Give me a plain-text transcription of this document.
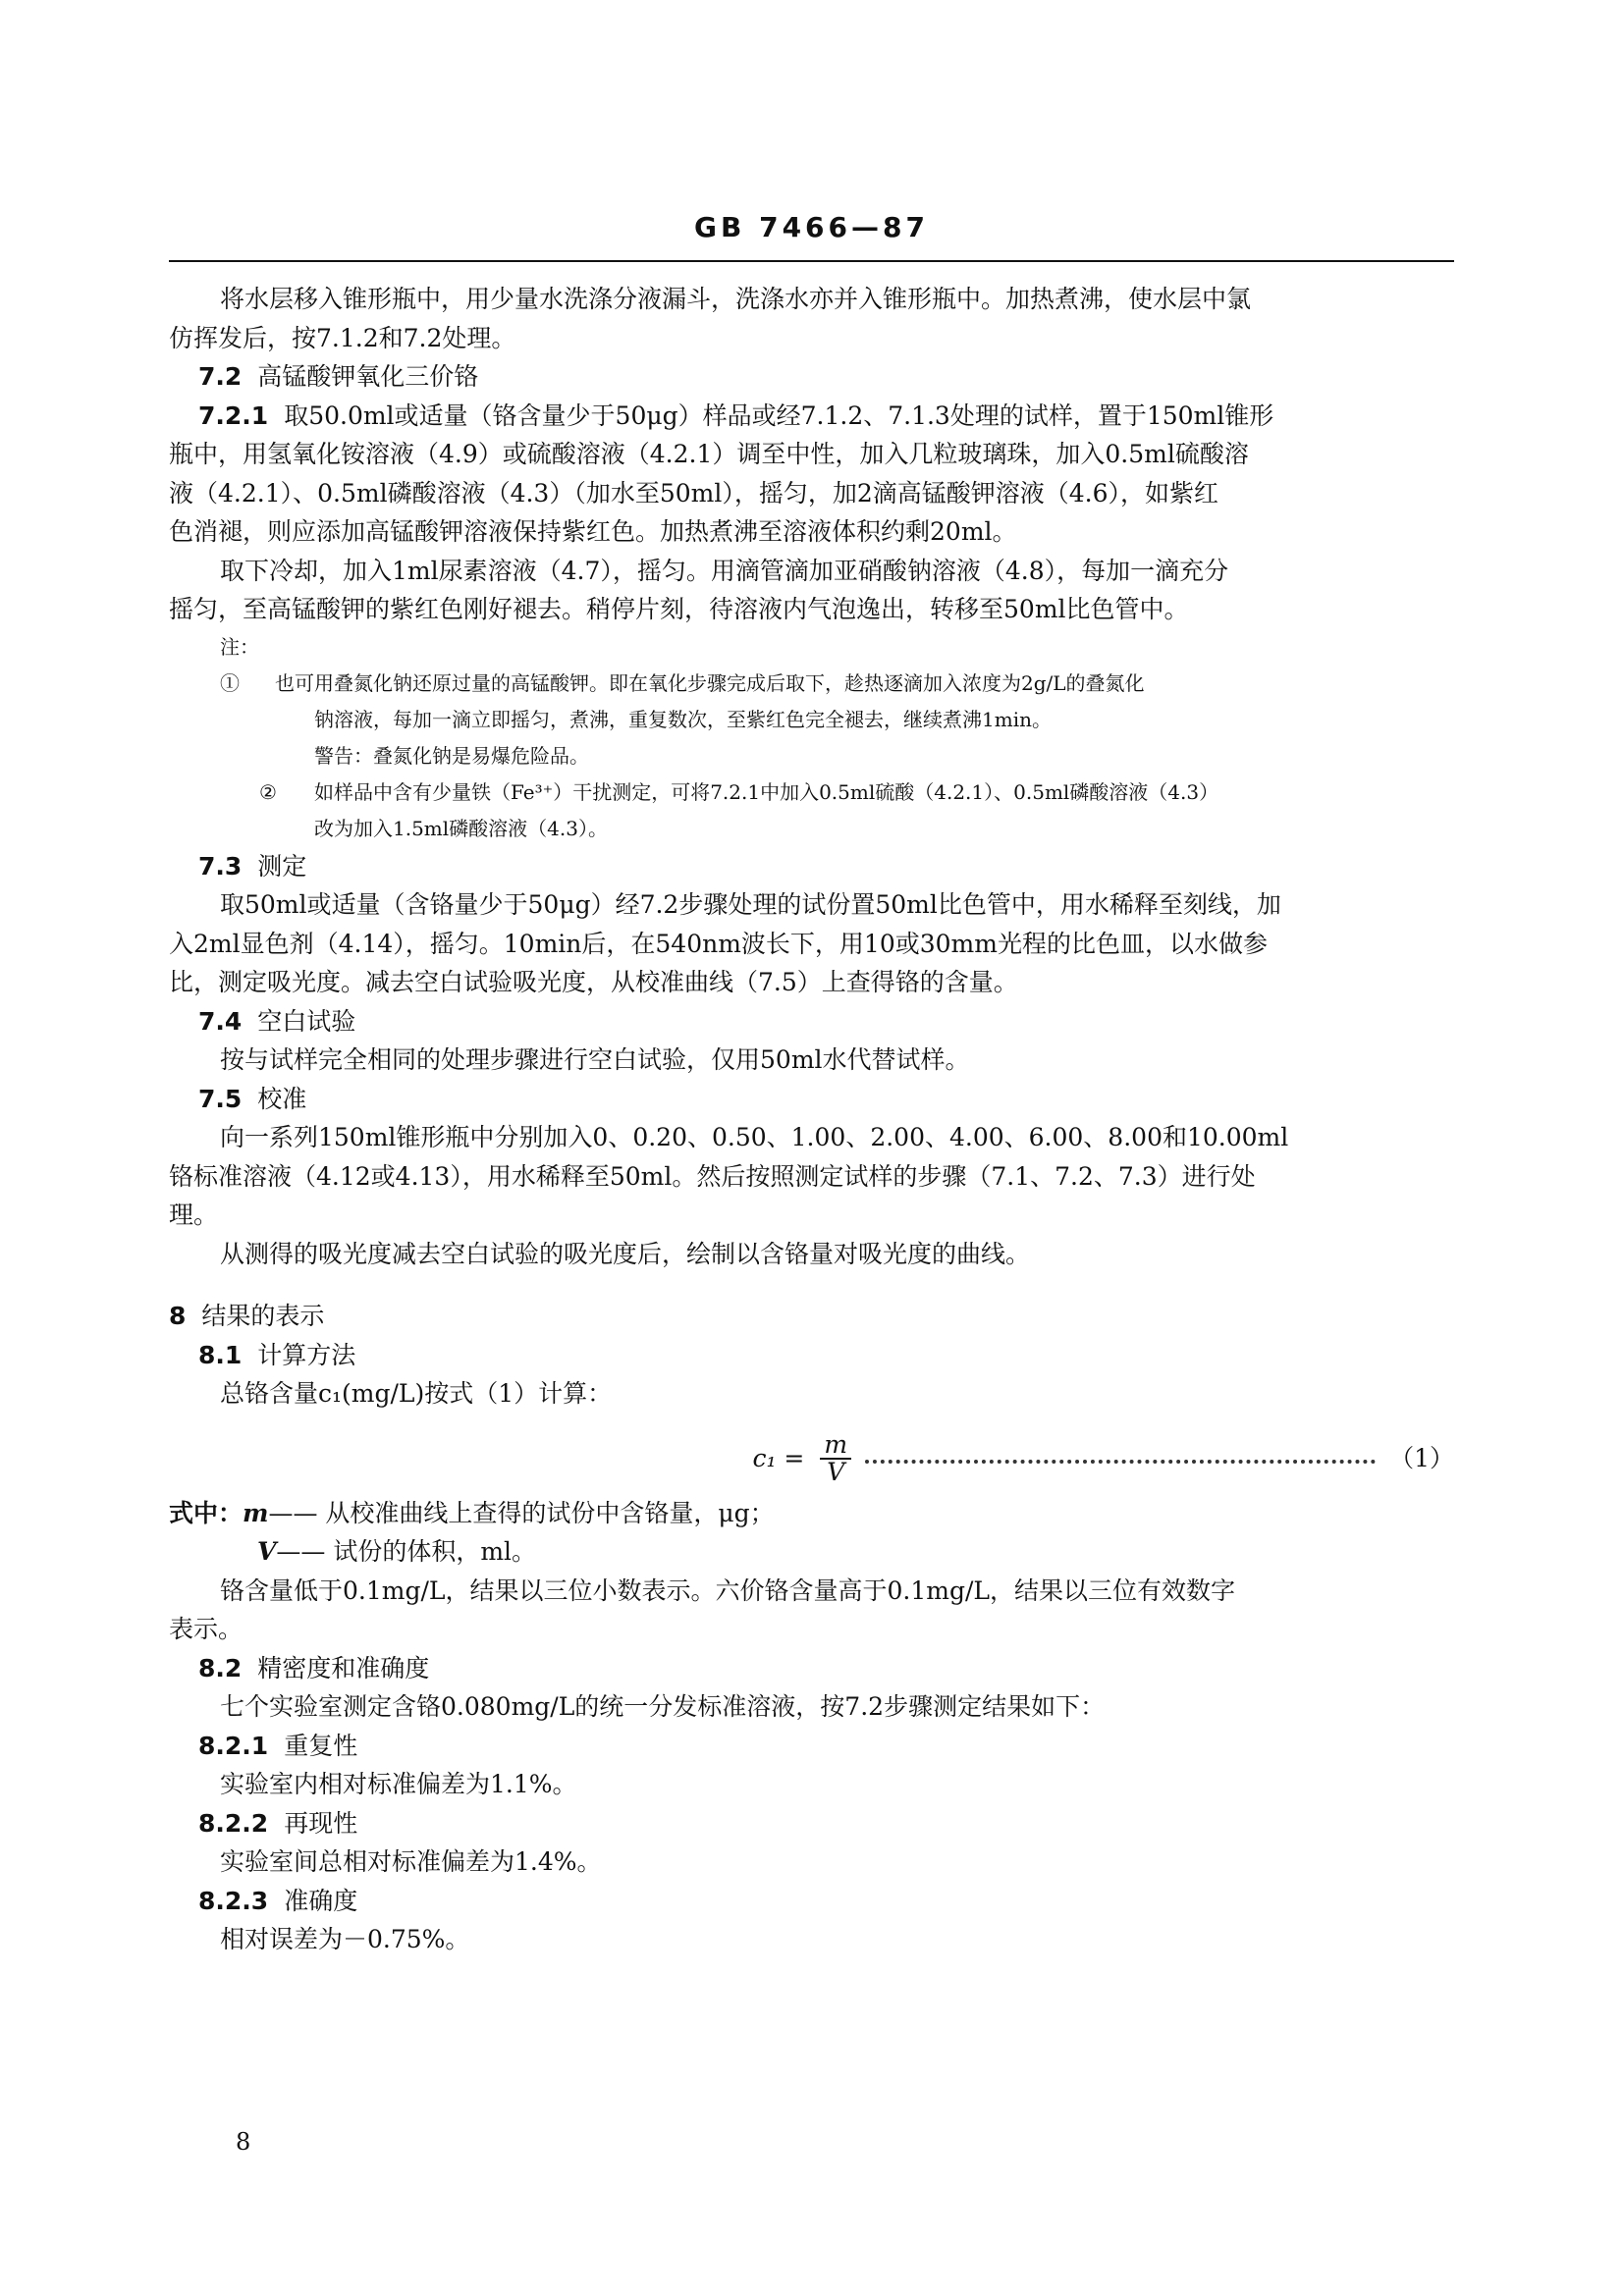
GB 7466—87

将水层移入锥形瓶中，用少量水洗涤分液漏斗，洗涤水亦并入锥形瓶中。加热煮沸，使水层中氯

仿挥发后，按7.1.2和7.2处理。

7.2 高锰酸钾氧化三价铬

7.2.1 取50.0ml或适量（铬含量少于50μg）样品或经7.1.2、7.1.3处理的试样，置于150ml锥形

瓶中，用氢氧化铵溶液（4.9）或硫酸溶液（4.2.1）调至中性，加入几粒玻璃珠，加入0.5ml硫酸溶

液（4.2.1）、0.5ml磷酸溶液（4.3）（加水至50ml），摇匀，加2滴高锰酸钾溶液（4.6），如紫红

色消褪，则应添加高锰酸钾溶液保持紫红色。加热煮沸至溶液体积约剩20ml。

取下冷却，加入1ml尿素溶液（4.7），摇匀。用滴管滴加亚硝酸钠溶液（4.8），每加一滴充分

摇匀，至高锰酸钾的紫红色刚好褪去。稍停片刻，待溶液内气泡逸出，转移至50ml比色管中。

注：① 也可用叠氮化钠还原过量的高锰酸钾。即在氧化步骤完成后取下，趁热逐滴加入浓度为2g/L的叠氮化

钠溶液，每加一滴立即摇匀，煮沸，重复数次，至紫红色完全褪去，继续煮沸1min。

警告：叠氮化钠是易爆危险品。

② 如样品中含有少量铁（Fe³⁺）干扰测定，可将7.2.1中加入0.5ml硫酸（4.2.1）、0.5ml磷酸溶液（4.3）

改为加入1.5ml磷酸溶液（4.3）。

7.3 测定

取50ml或适量（含铬量少于50μg）经7.2步骤处理的试份置50ml比色管中，用水稀释至刻线，加

入2ml显色剂（4.14），摇匀。10min后，在540nm波长下，用10或30mm光程的比色皿，以水做参

比，测定吸光度。减去空白试验吸光度，从校准曲线（7.5）上查得铬的含量。

7.4 空白试验

按与试样完全相同的处理步骤进行空白试验，仅用50ml水代替试样。

7.5 校准

向一系列150ml锥形瓶中分别加入0、0.20、0.50、1.00、2.00、4.00、6.00、8.00和10.00ml

铬标准溶液（4.12或4.13），用水稀释至50ml。然后按照测定试样的步骤（7.1、7.2、7.3）进行处

理。

从测得的吸光度减去空白试验的吸光度后，绘制以含铬量对吸光度的曲线。

8 结果的表示

8.1 计算方法

总铬含量c₁(mg/L)按式（1）计算：

$c_1 = \frac{m}{V}$	（1）

式中：m—— 从校准曲线上查得的试份中含铬量，μg；

V—— 试份的体积，ml。

铬含量低于0.1mg/L，结果以三位小数表示。六价铬含量高于0.1mg/L，结果以三位有效数字

表示。

8.2 精密度和准确度

七个实验室测定含铬0.080mg/L的统一分发标准溶液，按7.2步骤测定结果如下：

8.2.1 重复性

实验室内相对标准偏差为1.1%。

8.2.2 再现性

实验室间总相对标准偏差为1.4%。

8.2.3 准确度

相对误差为－0.75%。

8
